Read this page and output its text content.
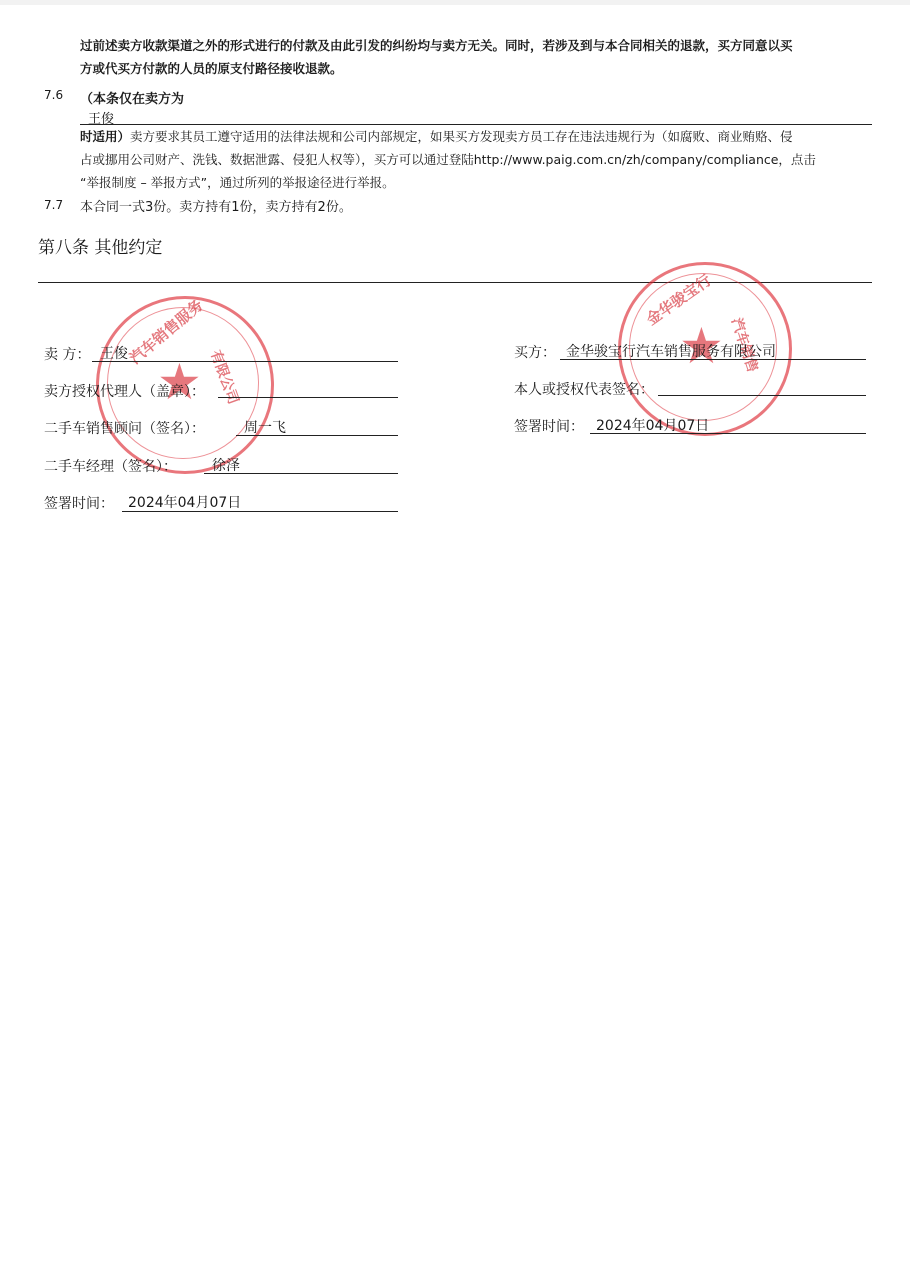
过前述卖方收款渠道之外的形式进行的付款及由此引发的纠纷均与卖方无关。同时，若涉及到与本合同相关的退款，买方同意以买
方或代买方付款的人员的原支付路径接收退款。
7.6 （本条仅在卖方为
王俊
时适用）卖方要求其员工遵守适用的法律法规和公司内部规定，如果买方发现卖方员工存在违法违规行为（如腐败、商业贿赂、侵
占或挪用公司财产、洗钱、数据泄露、侵犯人权等），买方可以通过登陆http://www.paig.com.cn/zh/company/compliance，点击
“举报制度 – 举报方式”，通过所列的举报途径进行举报。
7.7 本合同一式3份。卖方持有1份，卖方持有2份。
第八条 其他约定
★
汽车销售服务
有限公司
★
金华骏宝行
汽车销售
卖 方： 王俊
卖方授权代理人（盖章）：
二手车销售顾问（签名）：	周一飞
二手车经理（签名）：	徐泽
签署时间： 2024年04月07日
买方： 金华骏宝行汽车销售服务有限公司
本人或授权代表签名：
签署时间： 2024年04月07日
